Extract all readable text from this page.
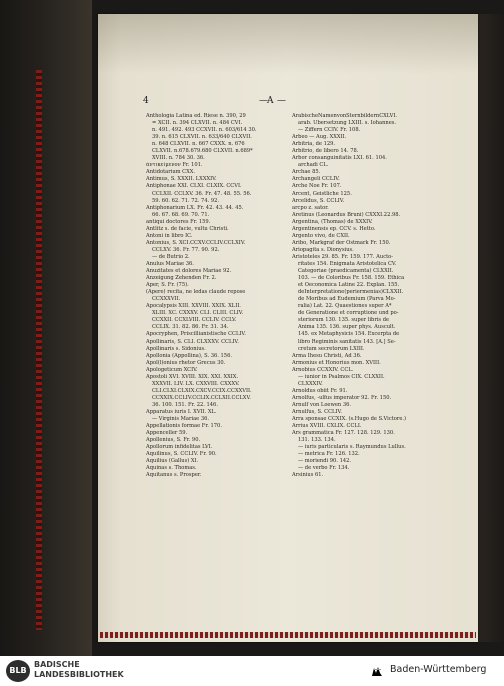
4	— A —
Anthologia Latina ed. Riese n. 390, 29
= XCII. n. 394 CLXVII. n. 484 CVI.
n. 491. 492. 493 CCXVII. n. 603/614 30.
39. n. 615 CLXVII. n. 633/640 CLXVII.
n. 648 CLXVII. n. 667 CXXX. n. 676
CLXVII. n.678.679.680 CLXVII. n.689*
XVIII. n. 784 30. 36.
ἀντικείμενον Fr. 101.
Antidotarium CXX.
Antimus, S. XXXII. LXXXIV.
Antiphonae XXI. CLXI. CLXIX. CCVI.
CCLXII. CCLXV. 36. Fr. 47. 48. 55. 56.
59. 60. 62. 71. 72. 74. 92.
Antiphonarium LX. Fr. 42. 43. 44. 45.
66. 67. 68. 69. 70. 71.
antiqui doctores Fr. 159.
Antlitz s. de facie, vultu Christi.
Antoni in libro IC.
Antonius, S. XCI.CCXV.CCLIV.CCLXIV.
CCLXV. 36. Fr. 77. 90. 92.
— de Butrio 2.
Anulus Mariae 36.
Anuzitates et dolores Mariae 92.
Anzeigung Zehenden Fr. 2.
Aper, S. Fr. (75).
(Apere) recita, ne ledas claude repose
CCXXXVII.
Apocalypsis XIII. XXVIII. XXIX. XLII.
XLIII. XC. CXXXV. CLI. CLIII. CLIV.
CCXXII. CCXLVIII. CCLIV. CCLV.
CCLIX. 31. 82. 86. Fr. 31. 34.
Apocryphen, Priscillianistische CCLIV.
Apollinaris, S. CLI. CLXXXV. CCLIV.
Apollinaris s. Sidonius.
Apollonia (Appollina), S. 36. 156.
Apol(l)onius rhetor Grecus 30.
Apologeticum XCIV.
Apostoli XVI. XVIII. XIX. XXI. XXIX.
XXXVII. LIV. LX. CXXVIII. CXXXV.
CLI.CLXI.CLXIX.CXCV.CCIX.CCXXVII.
CCXXIX.CCLIV.CCLIX.CCLXII.CCLXV.
36. 100. 151. Fr. 22. 146.
Apparatus iuris I. XVII. XL.
— Virginis Mariae 36.
Appellationis formae Fr. 170.
Appenceller 59.
Apollenius, S. Fr. 90.
Apollorum infidelitas LVI.
Aquilinus, S. CCLIV. Fr. 90.
Aquilius (Gallus) XI.
Aquinas s. Thomas.
Aquitanus s. Prosper.
ArabischeNamenvonSternbildernCXLVI.
arab. Übersetzung LXIII. s. Iohannes.
— Ziffern CCIV. Fr. 108.
Arbeo — Aug. XXXII.
Arbitria, de 129.
Arbitrio, de libero 14. 78.
Arbor consanguinitatis LXI. 61. 104.
archadi CL.
Archae 85.
Archangeli CCLIV.
Arche Noe Fr. 107.
Arcent, Geistliche 125.
Arcelidus, S. CCLIV.
arcpo z. sator.
Aretinus (Leonardus Bruni) CXXXI.22.98.
Argentina, (Thomas) de XXXIV.
Argentinensis ep. CCV. s. Hetto.
Argento vivo, de CXII.
Aribo, Markgraf der Ostmark Fr. 150.
Ariopagita s. Dionysius.
Aristoteles 29. 85. Fr. 159. 177. Aucto-
ritates 154. Enigmata Aristotelica CV.
Categoriae (praedicamenta) CLXXII.
103. — de Coloribus Fr. 158. 159. Ethica
et Oeconomica Latine 22. Explan. 155.
deInterpretatione(periermenias)CLXXII.
de Moribus ad Eudemium (Parva Mo-
ralia) Lat. 22. Quaestiones super A*
de Generatione et corruptione und po-
steriorum 130. 135. super libris de
Anima 135. 136. super phys. Auscult.
145. ex Metaphysicis 154. Excerpta de
libro Regiminis sanitatis 143. [A.] Se-
cretum secretorum LXIII.
Arma Ihesu Christi, Ad 36.
Armonius et Honorius mon. XVIII.
Arnobius CCXXIV. CCL.
— iunior in Psalmos CIX. CLXXII.
CLXXXIV.
Arnoldus obiit Fr. 91.
Arnolfus, -ulfus imperator 92. Fr. 150.
Arnulf von Loewen 36.
Arnulfus, S. CCLIV.
Arra sponsae CCXIX. (s.Hugo de S.Victore.)
Arrius XVIII. CXLIX. CCLI.
Ars grammatica Fr. 127. 128. 129. 130.
131. 133. 134.
— iuris particularis s. Raymundus Lullus.
— metrica Fr. 126. 132.
— moriendi 90. 142.
— de verbo Fr. 134.
Arsinius 61.
BLB
BADISCHE
LANDESBIBLIOTHEK	Baden-Württemberg
